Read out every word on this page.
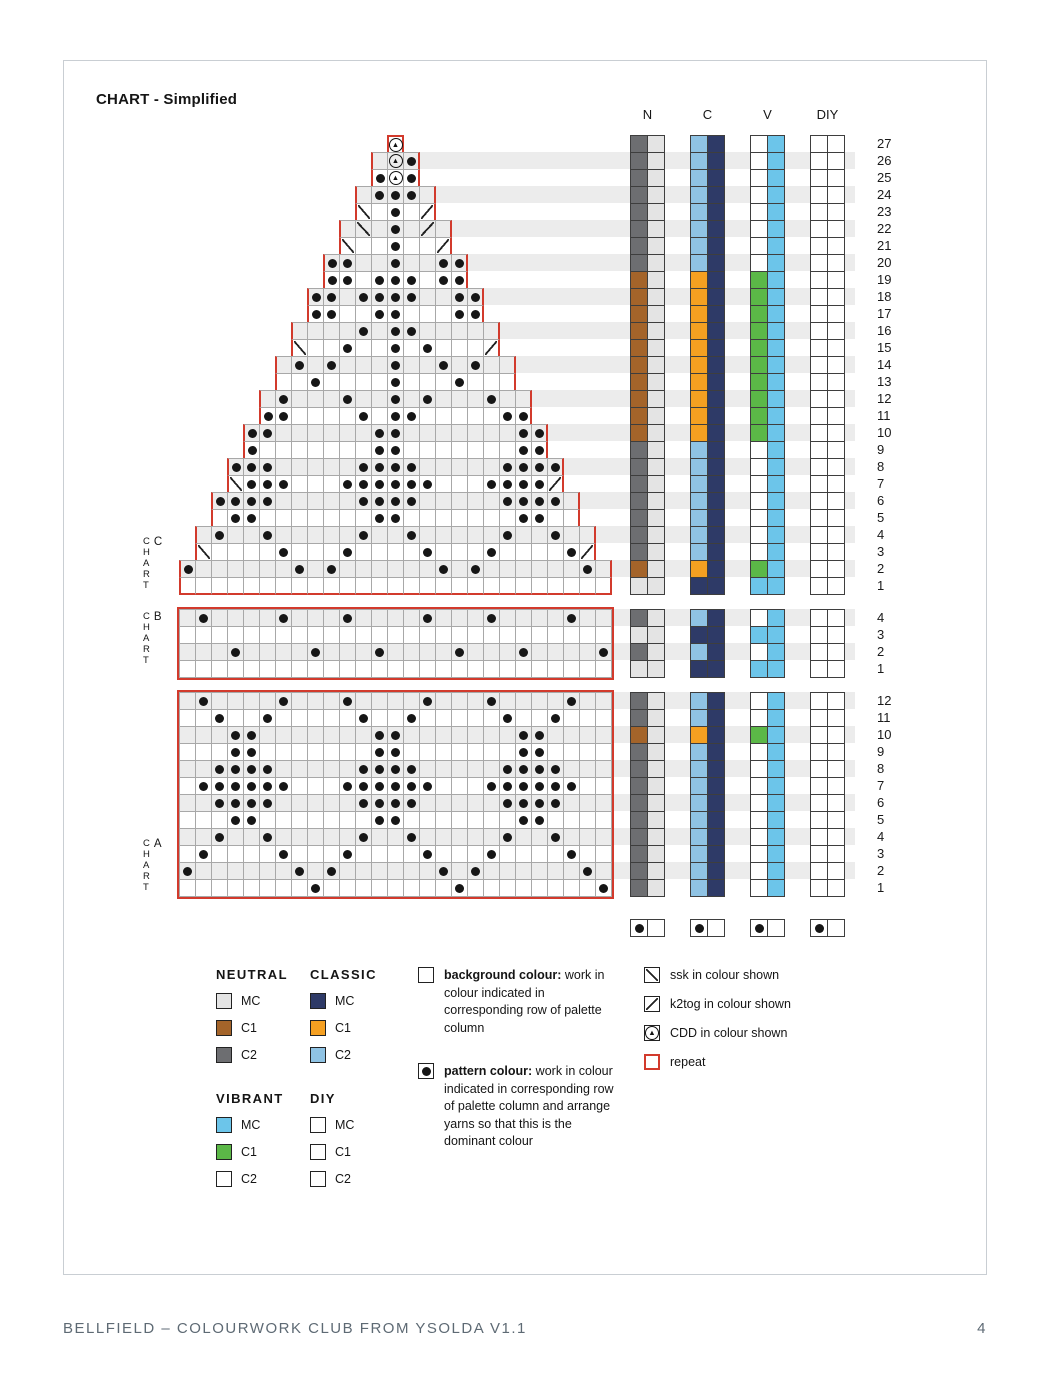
CHART - Simplified
N	C	V	DIY
▲
27
▲
26
▲
25
24
23
22
21
20
19
18
17
16
15
14
13
12
11
10
9
8
7
6
5
4
3
2
1
C
H
A
R
T
C
4
3
2
1
C
H
A
R
T
B
12
11
10
9
8
7
6
5
4
3
2
1
C
H
A
R
T
A
NEUTRAL
MC
C1
C2
CLASSIC
MC
C1
C2
VIBRANT
MC
C1
C2
DIY
MC
C1
C2
background colour: work in colour indicated in corresponding row of palette column
pattern colour: work in colour indicated in corresponding row of palette column and arrange yarns so that this is the dominant colour
ssk in colour shown
k2tog in colour shown
▲
CDD in colour shown
repeat
BELLFIELD – COLOURWORK CLUB FROM YSOLDA V1.1	4
